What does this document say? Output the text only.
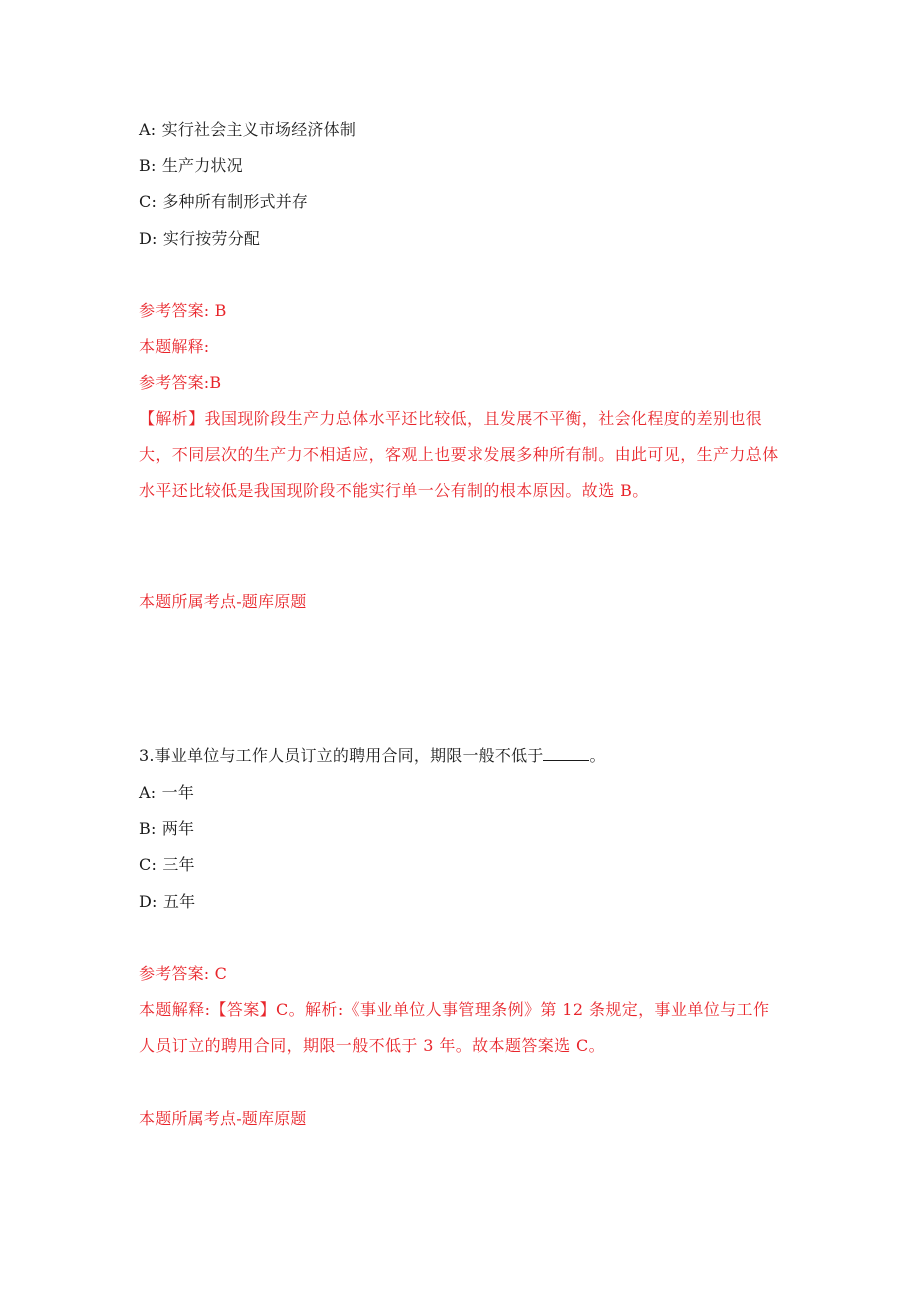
A: 实行社会主义市场经济体制
B: 生产力状况
C: 多种所有制形式并存
D: 实行按劳分配
参考答案: B
本题解释:
参考答案:B
【解析】我国现阶段生产力总体水平还比较低，且发展不平衡，社会化程度的差别也很大，不同层次的生产力不相适应，客观上也要求发展多种所有制。由此可见，生产力总体水平还比较低是我国现阶段不能实行单一公有制的根本原因。故选 B。
本题所属考点-题库原题
3.事业单位与工作人员订立的聘用合同，期限一般不低于	。
A: 一年
B: 两年
C: 三年
D: 五年
参考答案: C
本题解释:【答案】C。解析:《事业单位人事管理条例》第 12 条规定，事业单位与工作人员订立的聘用合同，期限一般不低于 3 年。故本题答案选 C。
本题所属考点-题库原题
